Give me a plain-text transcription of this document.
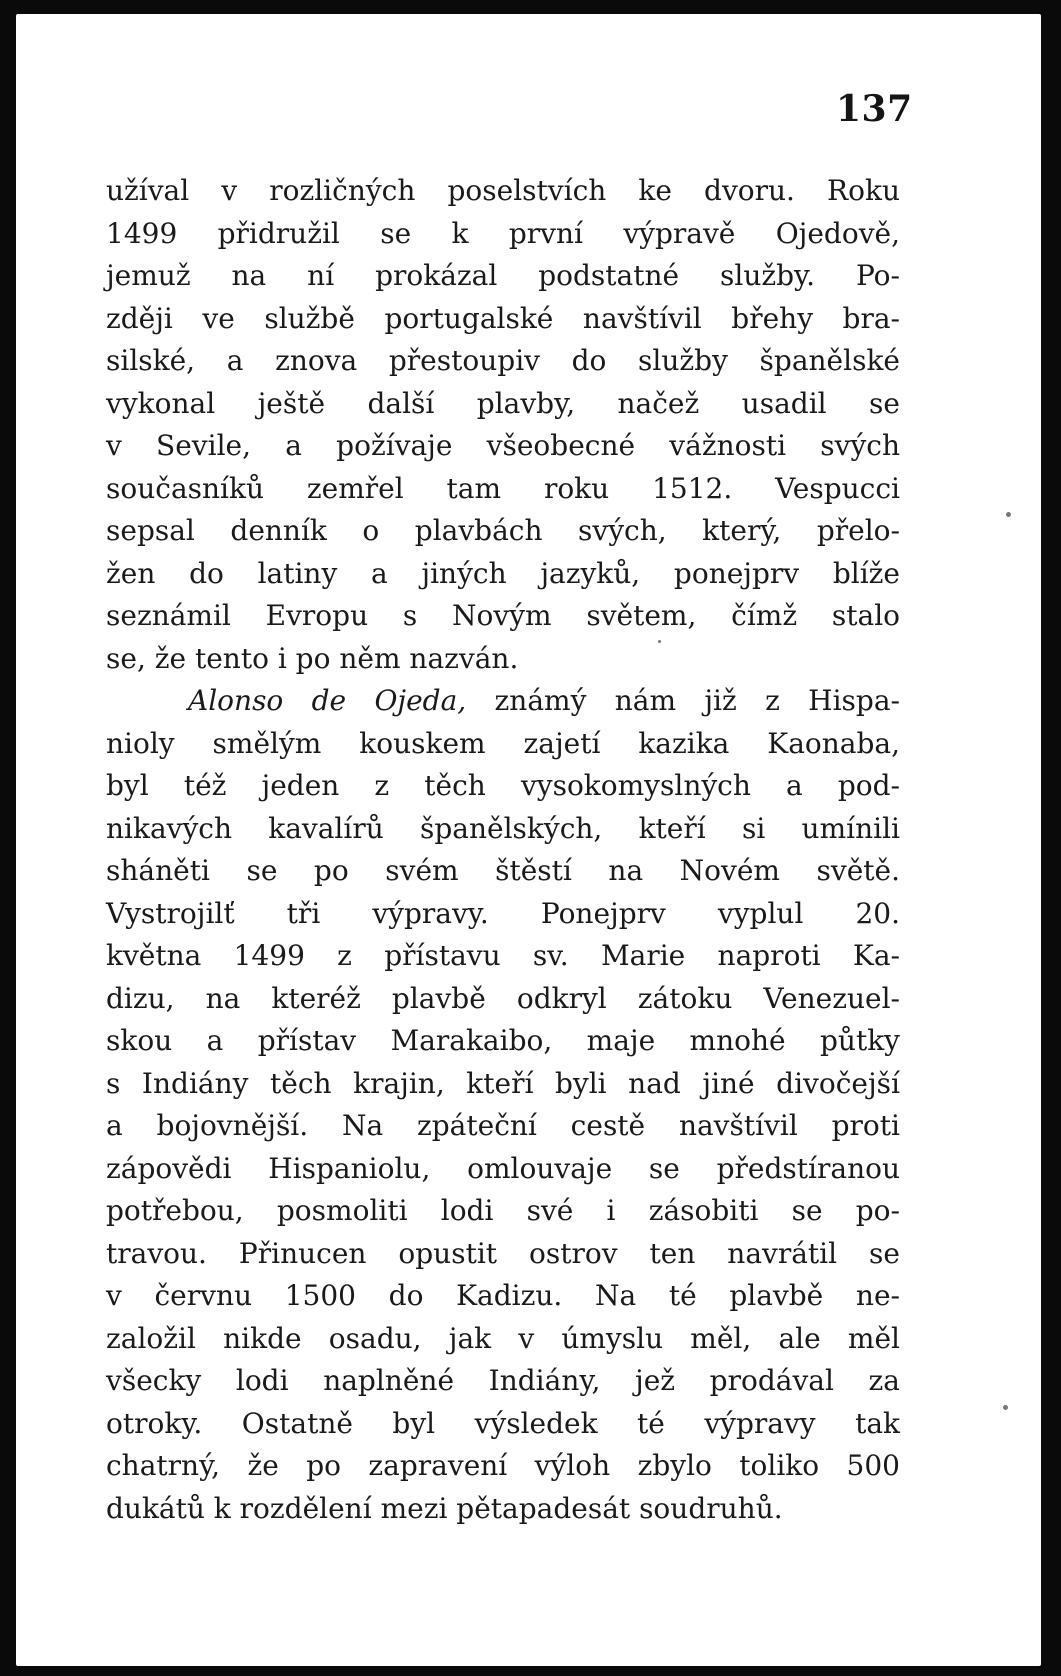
137
užíval v rozličných poselstvích ke dvoru. Roku
1499 přidružil se k první výpravě Ojedově,
jemuž na ní prokázal podstatné služby. Po-
zději ve službě portugalské navštívil břehy bra-
silské, a znova přestoupiv do služby španělské
vykonal ještě další plavby, načež usadil se
v Sevile, a požívaje všeobecné vážnosti svých
současníků zemřel tam roku 1512. Vespucci
sepsal denník o plavbách svých, který, přelo-
žen do latiny a jiných jazyků, ponejprv blíže
seznámil Evropu s Novým světem, čímž stalo
se, že tento i po něm nazván.
Alonso de Ojeda, známý nám již z Hispa-
nioly smělým kouskem zajetí kazika Kaonaba,
byl též jeden z těch vysokomyslných a pod-
nikavých kavalírů španělských, kteří si umínili
sháněti se po svém štěstí na Novém světě.
Vystrojilť tři výpravy. Ponejprv vyplul 20.
května 1499 z přístavu sv. Marie naproti Ka-
dizu, na kteréž plavbě odkryl zátoku Venezuel-
skou a přístav Marakaibo, maje mnohé půtky
s Indiány těch krajin, kteří byli nad jiné divočejší
a bojovnější. Na zpáteční cestě navštívil proti
zápovědi Hispaniolu, omlouvaje se předstíranou
potřebou, posmoliti lodi své i zásobiti se po-
travou. Přinucen opustit ostrov ten navrátil se
v červnu 1500 do Kadizu. Na té plavbě ne-
založil nikde osadu, jak v úmyslu měl, ale měl
všecky lodi naplněné Indiány, jež prodával za
otroky. Ostatně byl výsledek té výpravy tak
chatrný, že po zapravení výloh zbylo toliko 500
dukátů k rozdělení mezi pětapadesát soudruhů.
